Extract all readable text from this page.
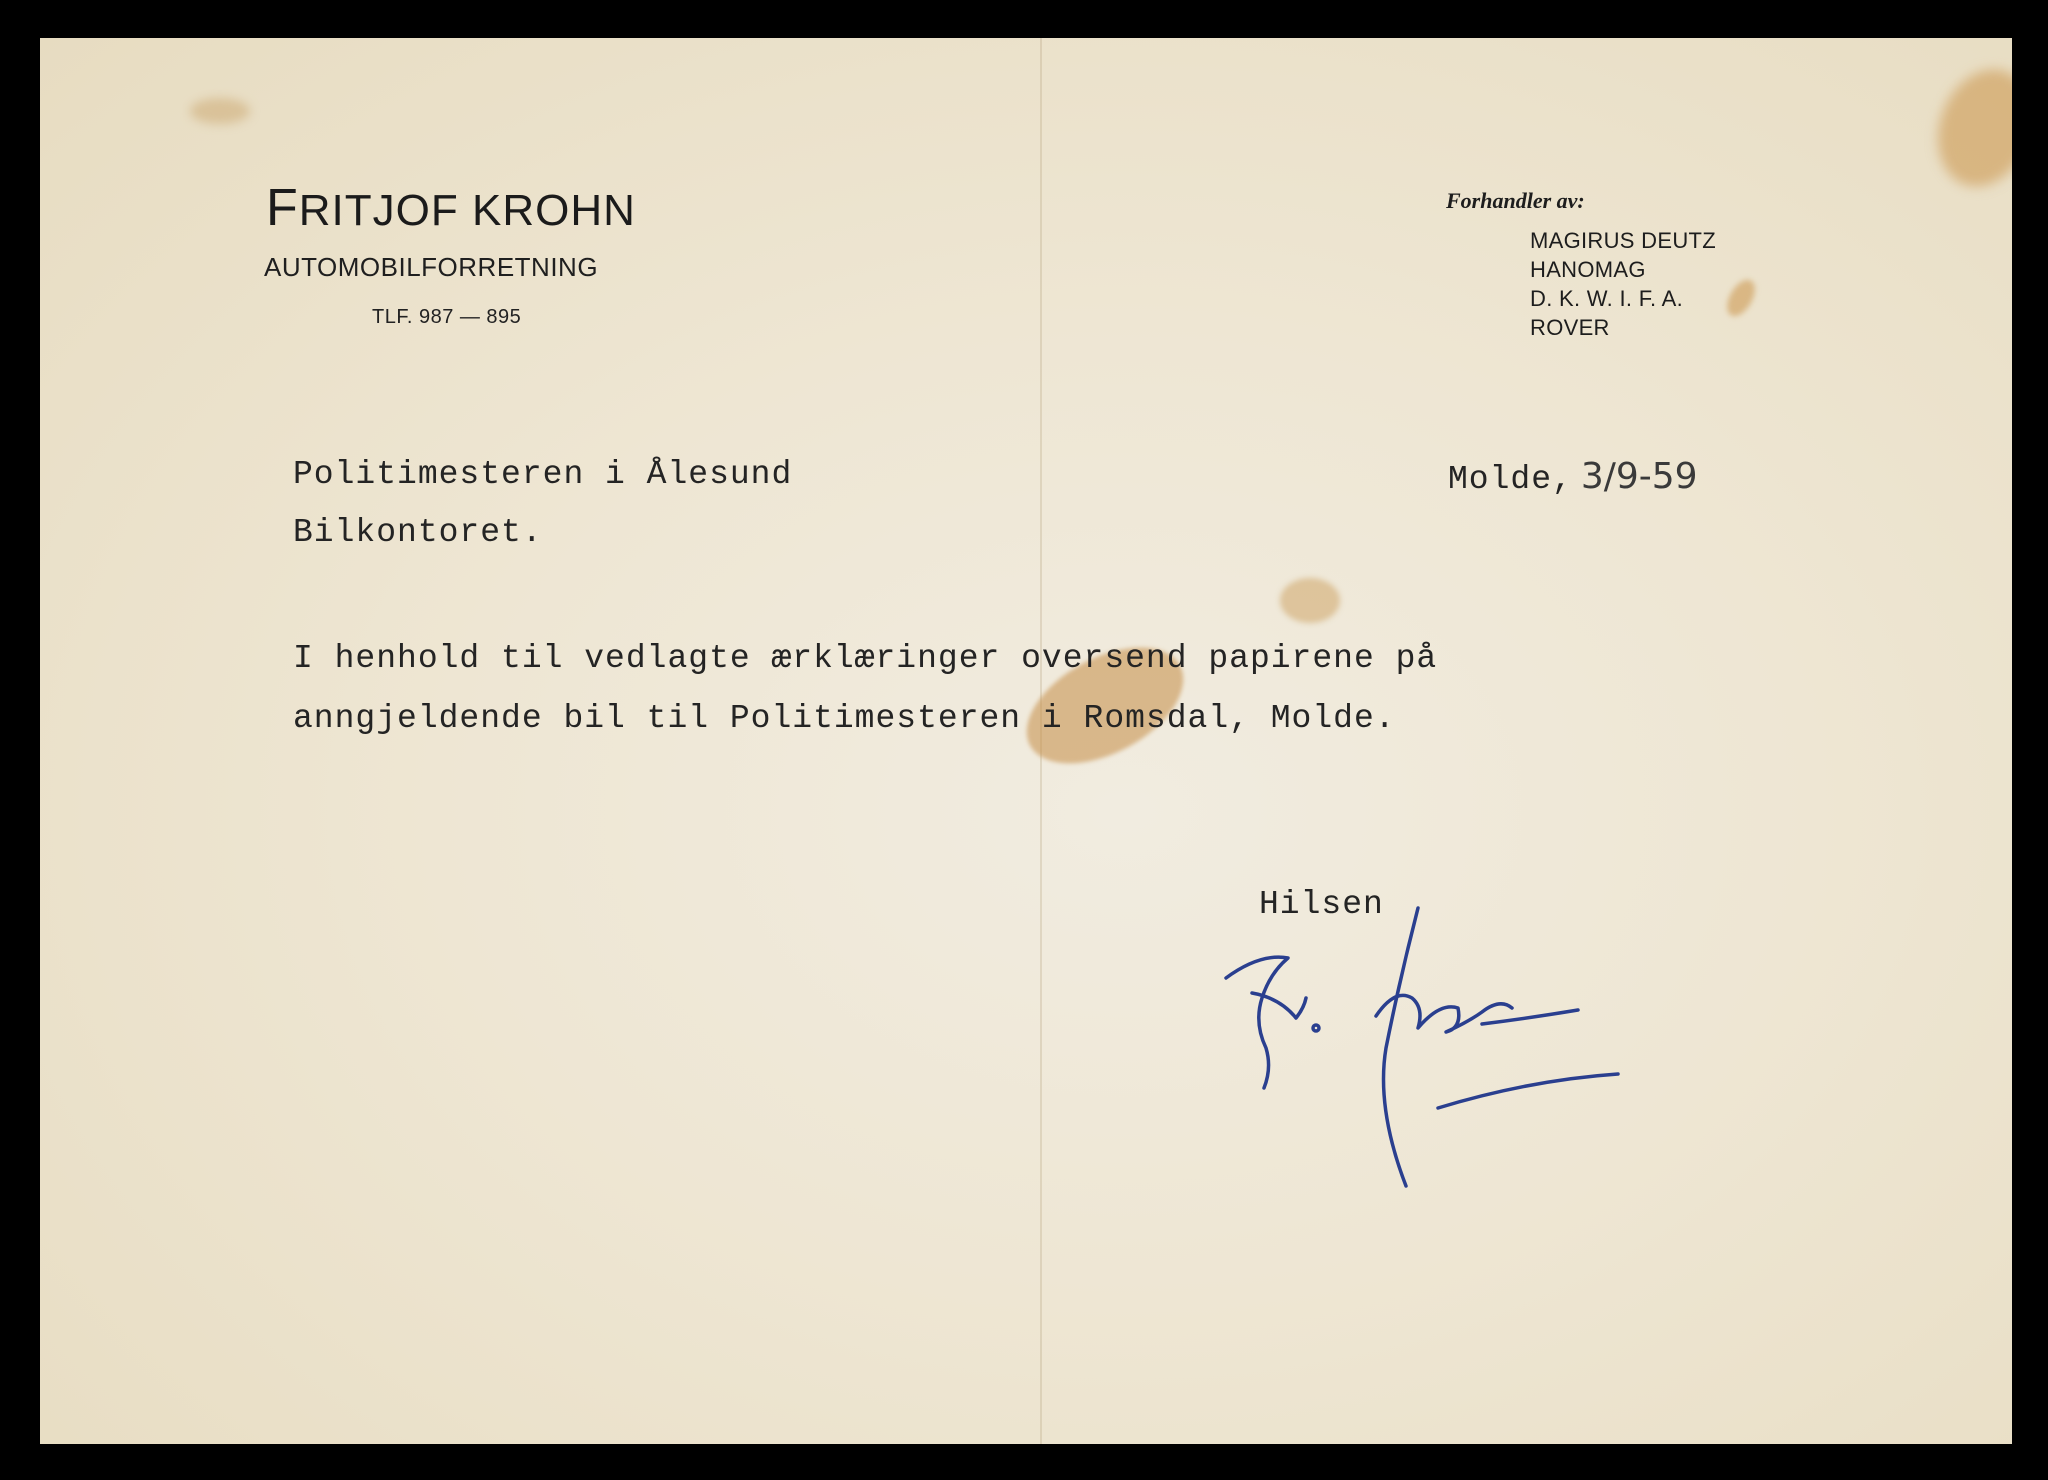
FRITJOF KROHN
AUTOMOBILFORRETNING
TLF. 987 — 895
Forhandler av:
MAGIRUS DEUTZ
HANOMAG
D. K. W. I. F. A.
ROVER

Politimesteren i Ålesund

Bilkontoret.

Molde, 3/9-59

I henhold til vedlagte ærklæringer oversend papirene på

anngjeldende bil til Politimesteren i Romsdal, Molde.

Hilsen
